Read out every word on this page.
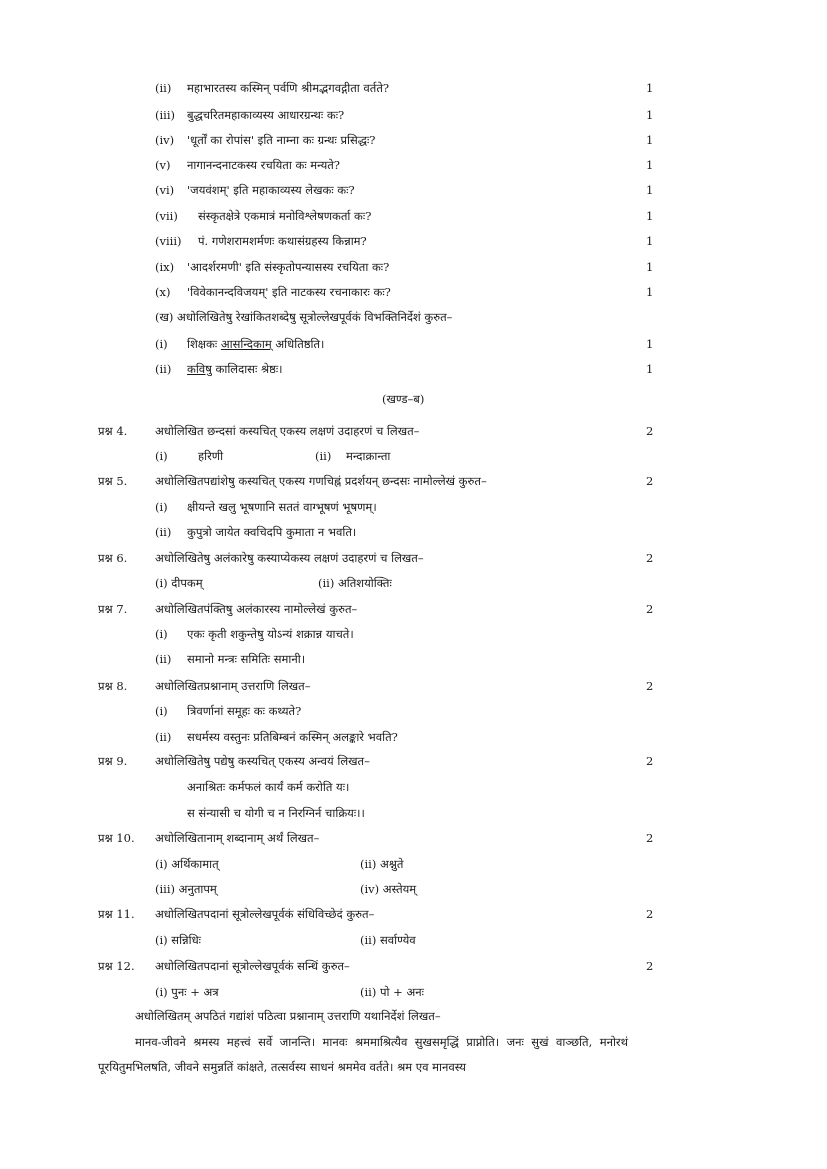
(ii)	महाभारतस्य कस्मिन् पर्वणि श्रीमद्भगवद्गीता वर्तते?	1
(iii)	बुद्धचरितमहाकाव्यस्य आधारग्रन्थः कः?	1
(iv)	'धूर्तों का रोपांस' इति नाम्ना कः ग्रन्थः प्रसिद्धः?	1
(v)	नागानन्दनाटकस्य रचयिता कः मन्यते?	1
(vi)	'जयवंशम्' इति महाकाव्यस्य लेखकः कः?	1
(vii)	संस्कृतक्षेत्रे एकमात्रं मनोविश्लेषणकर्ता कः?	1
(viii)	पं. गणेशरामशर्मणः कथासंग्रहस्य किन्नाम?	1
(ix)	'आदर्शरमणी' इति संस्कृतोपन्यासस्य रचयिता कः?	1
(x)	'विवेकानन्दविजयम्' इति नाटकस्य रचनाकारः कः?	1
(ख) अधोलिखितेषु रेखांकितशब्देषु सूत्रोल्लेखपूर्वकं विभक्तिनिर्देशं कुरुत–
(i)	शिक्षकः आसन्दिकाम् अधितिष्ठति।	1
(ii)	कविषु कालिदासः श्रेष्ठः।	1
(खण्ड–ब)
प्रश्न 4. अधोलिखित छन्दसां कस्यचित् एकस्य लक्षणं उदाहरणं च लिखत–	2
(i)	हरिणी	(ii) मन्दाक्रान्ता
प्रश्न 5. अधोलिखितपद्यांशेषु कस्यचित् एकस्य गणचिह्नं प्रदर्शयन् छन्दसः नामोल्लेखं कुरुत–	2
(i)	क्षीयन्ते खलु भूषणानि सततं वाग्भूषणं भूषणम्।
(ii)	कुपुत्रो जायेत क्वचिदपि कुमाता न भवति।
प्रश्न 6. अधोलिखितेषु अलंकारेषु कस्याप्येकस्य लक्षणं उदाहरणं च लिखत–	2
(i) दीपकम्	(ii) अतिशयोक्तिः
प्रश्न 7. अधोलिखितपंक्तिषु अलंकारस्य नामोल्लेखं कुरुत–	2
(i)	एकः कृती शकुन्तेषु योऽन्यं शक्रान्न याचते।
(ii)	समानो मन्त्रः समितिः समानी।
प्रश्न 8. अधोलिखितप्रश्नानाम् उत्तराणि लिखत–	2
(i)	त्रिवर्णानां समूहः कः कथ्यते?
(ii)	सधर्मस्य वस्तुनः प्रतिबिम्बनं कस्मिन् अलङ्कारे भवति?
प्रश्न 9. अधोलिखितेषु पद्येषु कस्यचित् एकस्य अन्वयं लिखत–	2
अनाश्रितः कर्मफलं कार्यं कर्म करोति यः।
स संन्यासी च योगी च न निरग्निर्न चाक्रियः।।
प्रश्न 10. अधोलिखितानाम् शब्दानाम् अर्थं लिखत–	2
(i) अर्थिकामात्	(ii) अश्नुते
(iii) अनुतापम्	(iv) अस्तेयम्
प्रश्न 11. अधोलिखितपदानां सूत्रोल्लेखपूर्वकं संधिविच्छेदं कुरुत–	2
(i) सन्निधिः	(ii) सर्वाण्येव
प्रश्न 12. अधोलिखितपदानां सूत्रोल्लेखपूर्वकं सन्धिं कुरुत–	2
(i) पुनः + अत्र	(ii) पो + अनः
अधोलिखितम् अपठितं गद्यांशं पठित्वा प्रश्नानाम् उत्तराणि यथानिर्देशं लिखत–
मानव-जीवने श्रमस्य महत्त्वं सर्वे जानन्ति। मानवः श्रममाश्रित्यैव सुखसमृद्धिं प्राप्नोति। जनः सुखं वाञ्छति, मनोरथं पूरयितुमभिलषति, जीवने समुन्नतिं कांक्षते, तत्सर्वस्य साधनं श्रममेव वर्तते। श्रम एव मानवस्य
